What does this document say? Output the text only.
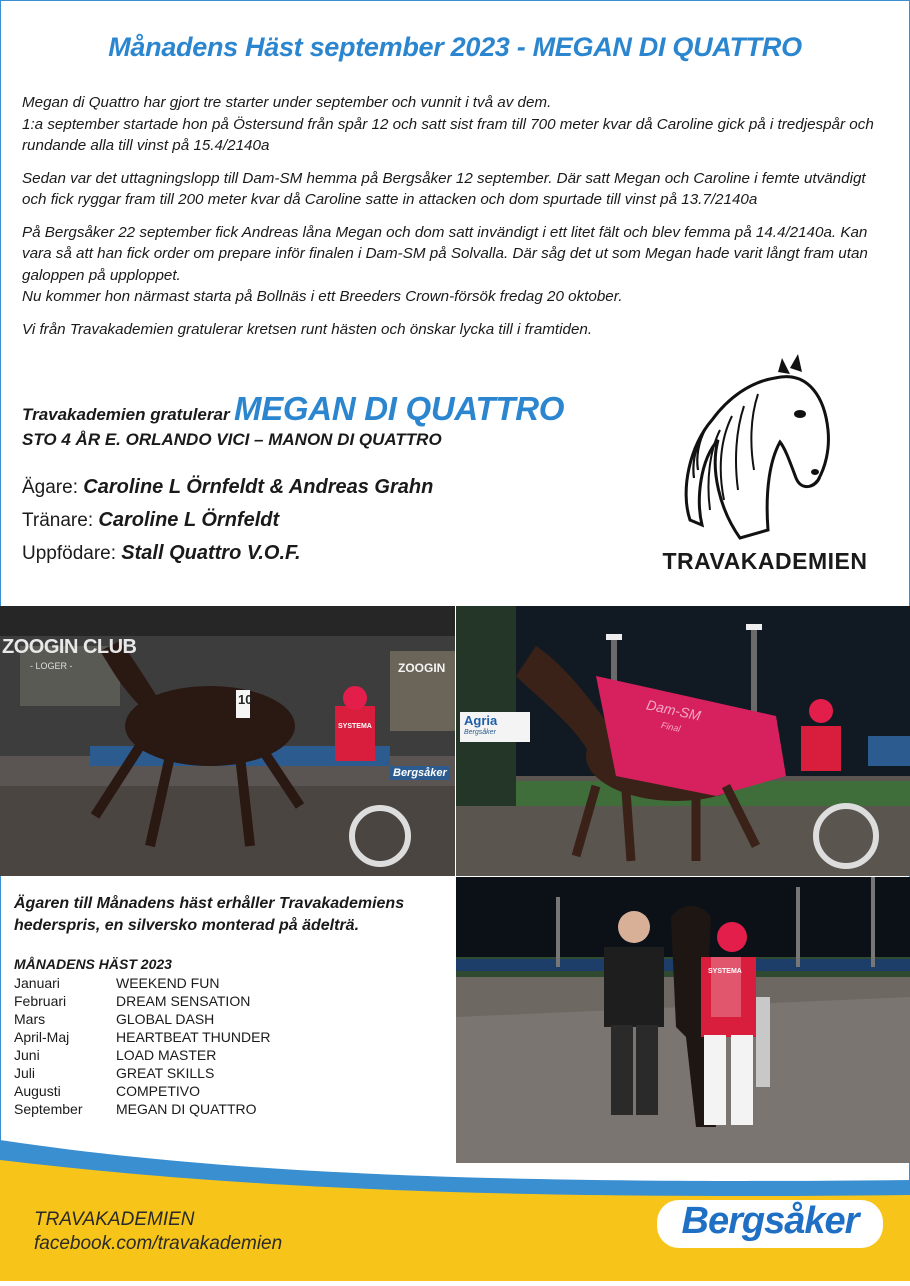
Månadens Häst september 2023 - MEGAN DI QUATTRO

Megan di Quattro har gjort tre starter under september och vunnit i två av dem.
1:a september startade hon på Östersund från spår 12 och satt sist fram till 700 meter kvar då Caroline gick på i tredjespår och rundande alla till vinst på 15.4/2140a

Sedan var det uttagningslopp till Dam-SM hemma på Bergsåker 12 september. Där satt Megan och Caroline i femte utvändigt och fick ryggar fram till 200 meter kvar då Caroline satte in attacken och dom spurtade till vinst på 13.7/2140a

På Bergsåker 22 september fick Andreas låna Megan och dom satt invändigt i ett litet fält och blev femma på 14.4/2140a. Kan vara så att han fick order om prepare inför finalen i Dam-SM på Solvalla. Där såg det ut som Megan hade varit långt fram utan galoppen på upploppet.
Nu kommer hon närmast starta på Bollnäs i ett Breeders Crown-försök fredag 20 oktober.

Vi från Travakademien gratulerar kretsen runt hästen och önskar lycka till i framtiden.

Travakademien gratulerar MEGAN DI QUATTRO
STO 4 ÅR E. ORLANDO VICI – MANON DI QUATTRO
Ägare: Caroline L Örnfeldt & Andreas Grahn
Tränare: Caroline L Örnfeldt
Uppfödare: Stall Quattro V.O.F.	TRAVAKADEMIEN
ZOOGIN CLUB
- LOGER -	ZOOGIN
Bergsåker
10
SYSTEMA	Agria
Bergsåker
Dam-SM
Final
SYSTEMA
Ägaren till Månadens häst erhåller Travakademiens hederspris, en silversko monterad på ädelträ.
MÅNADENS HÄST 2023
Januari	WEEKEND FUN
Februari	DREAM SENSATION
Mars	GLOBAL DASH
April-Maj	HEARTBEAT THUNDER
Juni	LOAD MASTER
Juli	GREAT SKILLS
Augusti	COMPETIVO
September	MEGAN DI QUATTRO
TRAVAKADEMIEN
facebook.com/travakademien
Bergsåker
